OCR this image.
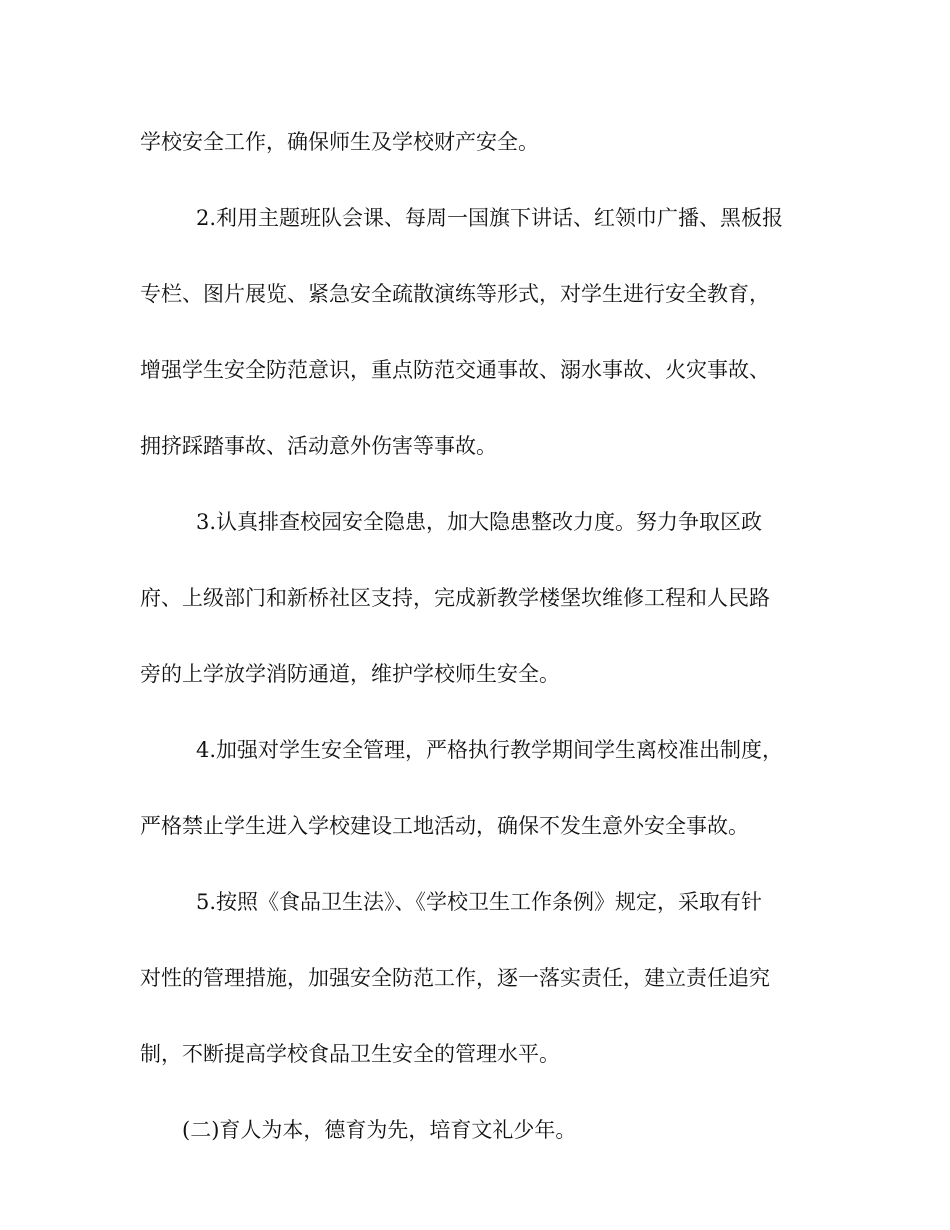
学校安全工作，确保师生及学校财产安全。
2.利用主题班队会课、每周一国旗下讲话、红领巾广播、黑板报
专栏、图片展览、紧急安全疏散演练等形式，对学生进行安全教育，
增强学生安全防范意识，重点防范交通事故、溺水事故、火灾事故、
拥挤踩踏事故、活动意外伤害等事故。
3.认真排查校园安全隐患，加大隐患整改力度。努力争取区政
府、上级部门和新桥社区支持，完成新教学楼堡坎维修工程和人民路
旁的上学放学消防通道，维护学校师生安全。
4.加强对学生安全管理，严格执行教学期间学生离校准出制度，
严格禁止学生进入学校建设工地活动，确保不发生意外安全事故。
5.按照《食品卫生法》、《学校卫生工作条例》规定，采取有针
对性的管理措施，加强安全防范工作，逐一落实责任，建立责任追究
制，不断提高学校食品卫生安全的管理水平。
(二)育人为本，德育为先，培育文礼少年。
